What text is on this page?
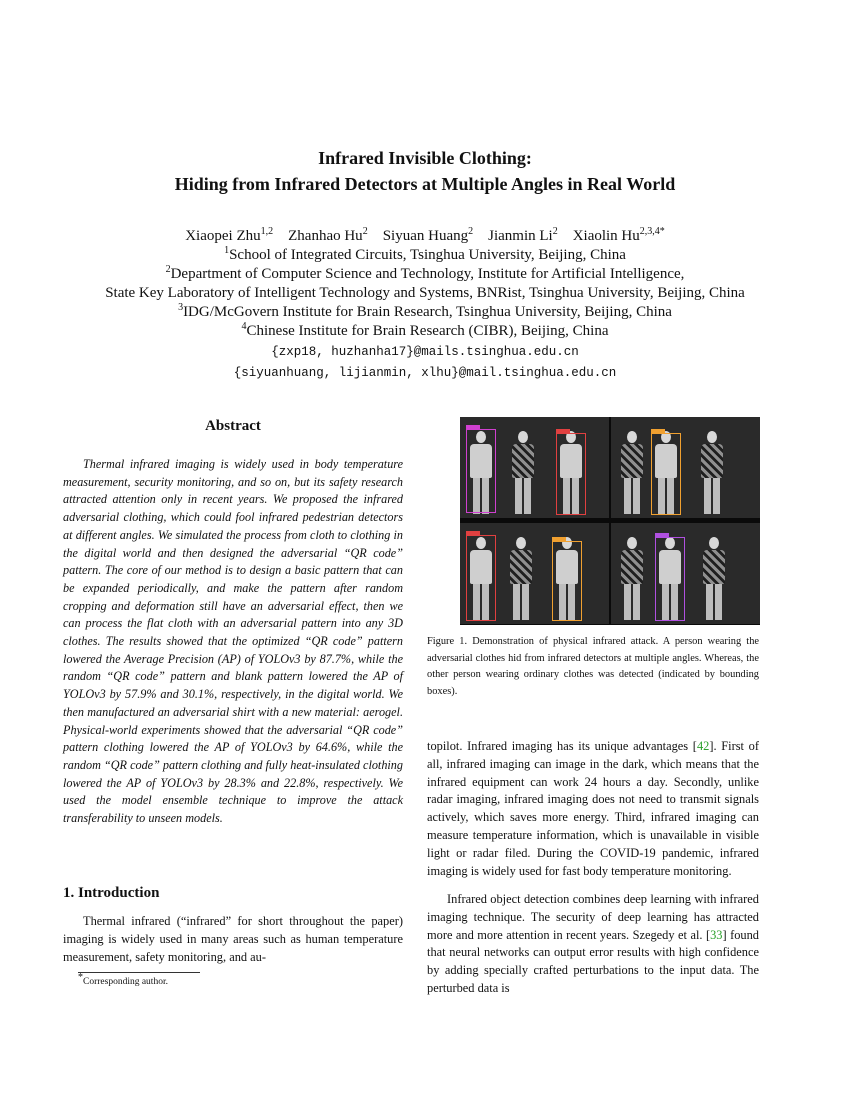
Infrared Invisible Clothing:
Hiding from Infrared Detectors at Multiple Angles in Real World
Xiaopei Zhu$^{1,2}$ Zhanhao Hu$^2$ Siyuan Huang$^2$ Jianmin Li$^2$ Xiaolin $Hu^{2,3,4*}$
$^1$School of Integrated Circuits, Tsinghua University, Beijing, China
$^2$Department of Computer Science and Technology, Institute for Artificial Intelligence,
State Key Laboratory of Intelligent Technology and Systems, BNRist, Tsinghua University, Beijing, China
$^3$IDG/McGovern Institute for Brain Research, Tsinghua University, Beijing, China
$^4$Chinese Institute for Brain Research (CIBR), Beijing, China
{zxp18, huzhanha17}@mails.tsinghua.edu.cn
{siyuanhuang, lijianmin, xlhu}@mail.tsinghua.edu.cn
Abstract

Thermal infrared imaging is widely used in body temperature measurement, security monitoring, and so on, but its safety research attracted attention only in recent years. We proposed the infrared adversarial clothing, which could fool infrared pedestrian detectors at different angles. We simulated the process from cloth to clothing in the digital world and then designed the adversarial “QR code” pattern. The core of our method is to design a basic pattern that can be expanded periodically, and make the pattern after random cropping and deformation still have an adversarial effect, then we can process the flat cloth with an adversarial pattern into any 3D clothes. The results showed that the optimized “QR code” pattern lowered the Average Precision (AP) of YOLOv3 by 87.7%, while the random “QR code” pattern and blank pattern lowered the AP of YOLOv3 by 57.9% and 30.1%, respectively, in the digital world. We then manufactured an adversarial shirt with a new material: aerogel. Physical-world experiments showed that the adversarial “QR code” pattern clothing lowered the AP of YOLOv3 by 64.6%, while the random “QR code” pattern clothing and fully heat-insulated clothing lowered the AP of YOLOv3 by 28.3% and 22.8%, respectively. We used the model ensemble technique to improve the attack transferability to unseen models.

1. Introduction

Thermal infrared (“infrared” for short throughout the paper) imaging is widely used in many areas such as human temperature measurement, safety monitoring, and au-

*Corresponding author.
Figure 1. Demonstration of physical infrared attack. A person wearing the adversarial clothes hid from infrared detectors at multiple angles. Whereas, the other person wearing ordinary clothes was detected (indicated by bounding boxes).

topilot. Infrared imaging has its unique advantages [42]. First of all, infrared imaging can image in the dark, which means that the infrared equipment can work 24 hours a day. Secondly, unlike radar imaging, infrared imaging does not need to transmit signals actively, which saves more energy. Third, infrared imaging can measure temperature information, which is unavailable in visible light or radar filed. During the COVID-19 pandemic, infrared imaging is widely used for fast body temperature monitoring.

Infrared object detection combines deep learning with infrared imaging technique. The security of deep learning has attracted more and more attention in recent years. Szegedy et al. [33] found that neural networks can output error results with high confidence by adding specially crafted perturbations to the input data. The perturbed data is
